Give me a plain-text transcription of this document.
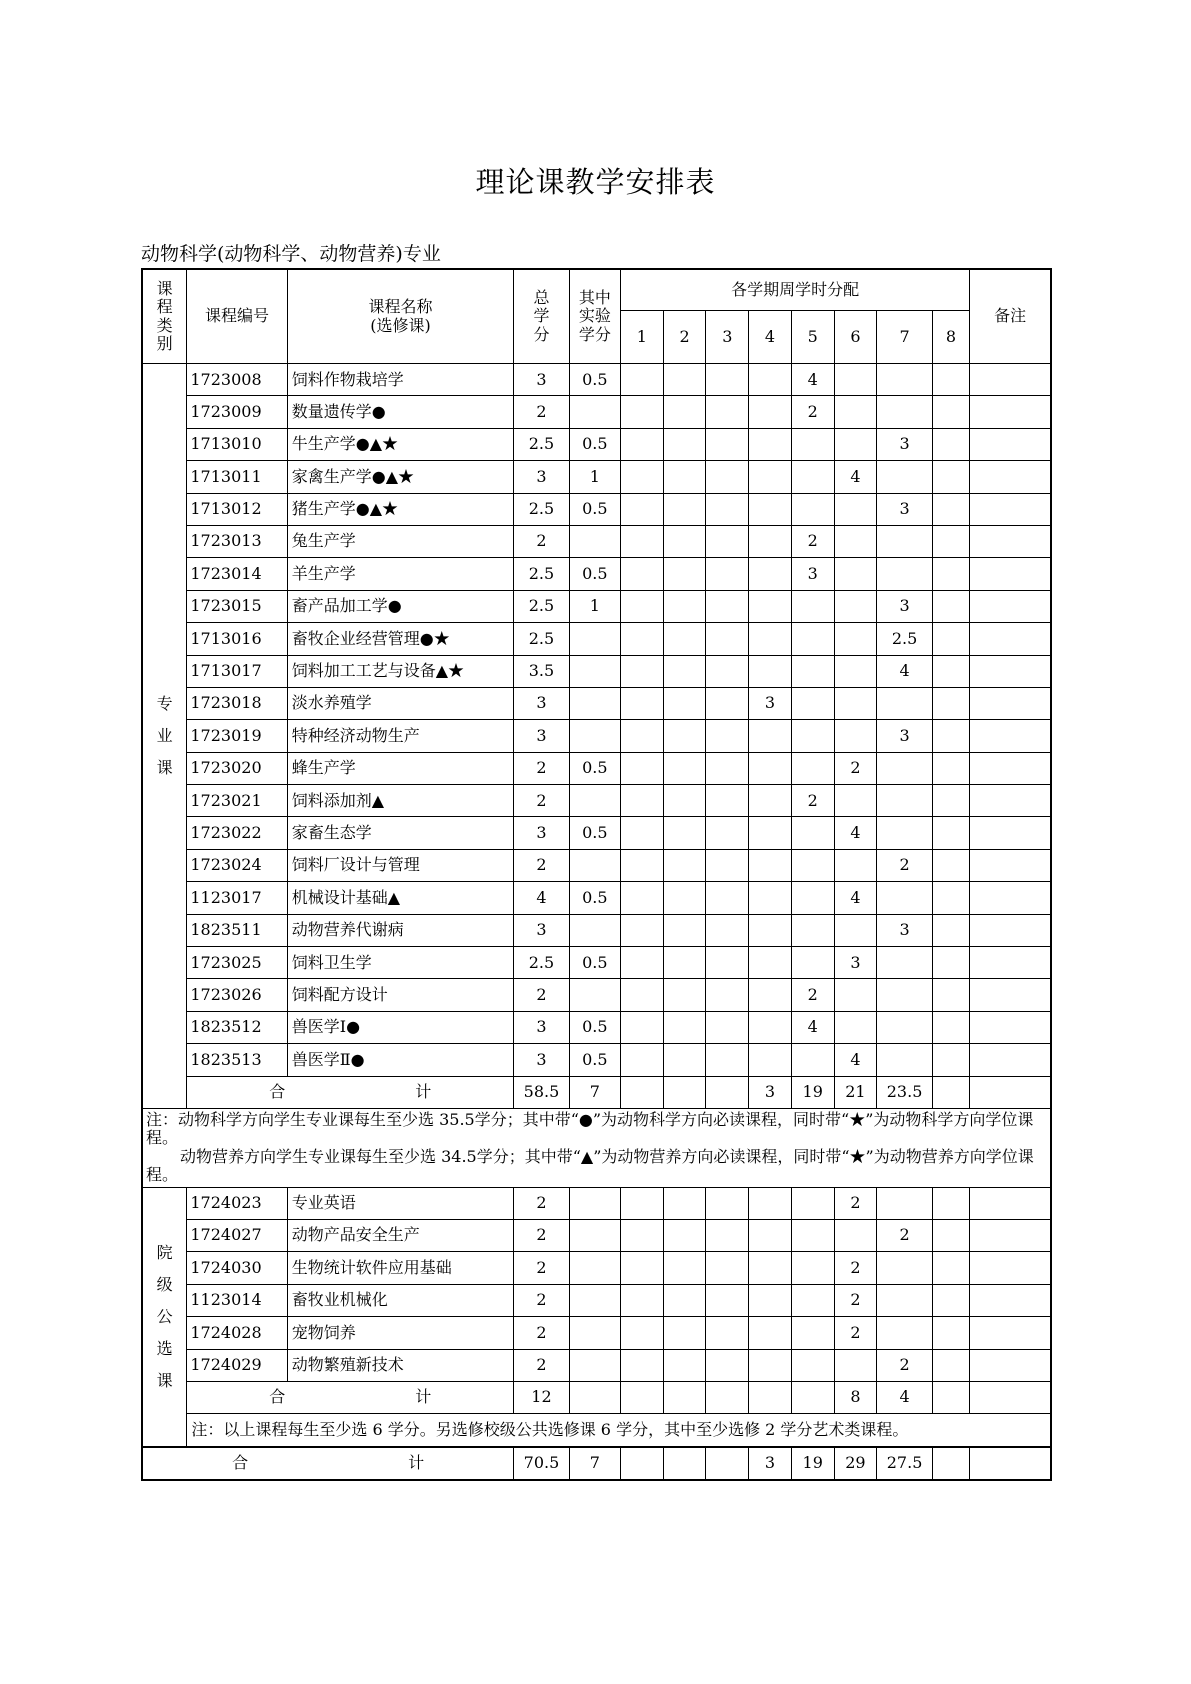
理论课教学安排表
动物科学(动物科学、动物营养)专业
课程类别	课程编号	课程名称
(选修课)	总学分	其中实验学分	各学期周学时分配								备注
					1	2	3	4	5	6	7	8	
专业课	1723008	饲料作物栽培学	3	0.5					4				
	1723009	数量遗传学●	2						2				
	1713010	牛生产学●▲★	2.5	0.5							3		
	1713011	家禽生产学●▲★	3	1						4			
	1713012	猪生产学●▲★	2.5	0.5							3		
	1723013	兔生产学	2						2				
	1723014	羊生产学	2.5	0.5					3				
	1723015	畜产品加工学●	2.5	1							3		
	1713016	畜牧企业经营管理●★	2.5								2.5		
	1713017	饲料加工工艺与设备▲★	3.5								4		
	1723018	淡水养殖学	3					3					
	1723019	特种经济动物生产	3								3		
	1723020	蜂生产学	2	0.5						2			
	1723021	饲料添加剂▲	2						2				
	1723022	家畜生态学	3	0.5						4			
	1723024	饲料厂设计与管理	2								2		
	1123017	机械设计基础▲	4	0.5						4			
	1823511	动物营养代谢病	3								3		
	1723025	饲料卫生学	2.5	0.5						3			
	1723026	饲料配方设计	2						2				
	1823512	兽医学Ⅰ●	3	0.5					4				
	1823513	兽医学Ⅱ●	3	0.5						4			
	合 计		58.5	7				3	19	21	23.5		

注：动物科学方向学生专业课每生至少选 35.5学分；其中带“●”为动物科学方向必读课程，同时带“★”为动物科学方向学位课程。
动物营养方向学生专业课每生至少选 34.5学分；其中带“▲”为动物营养方向必读课程，同时带“★”为动物营养方向学位课程。													

院级公选课	1724023	专业英语	2							2			
	1724027	动物产品安全生产	2								2		
	1724030	生物统计软件应用基础	2							2			
	1123014	畜牧业机械化	2							2			
	1724028	宠物饲养	2							2			
	1724029	动物繁殖新技术	2								2		
	合 计		12							8	4		
	注：以上课程每生至少选 6 学分。另选修校级公共选修课 6 学分，其中至少选修 2 学分艺术类课程。												
合 计			70.5	7				3	19	29	27.5		
